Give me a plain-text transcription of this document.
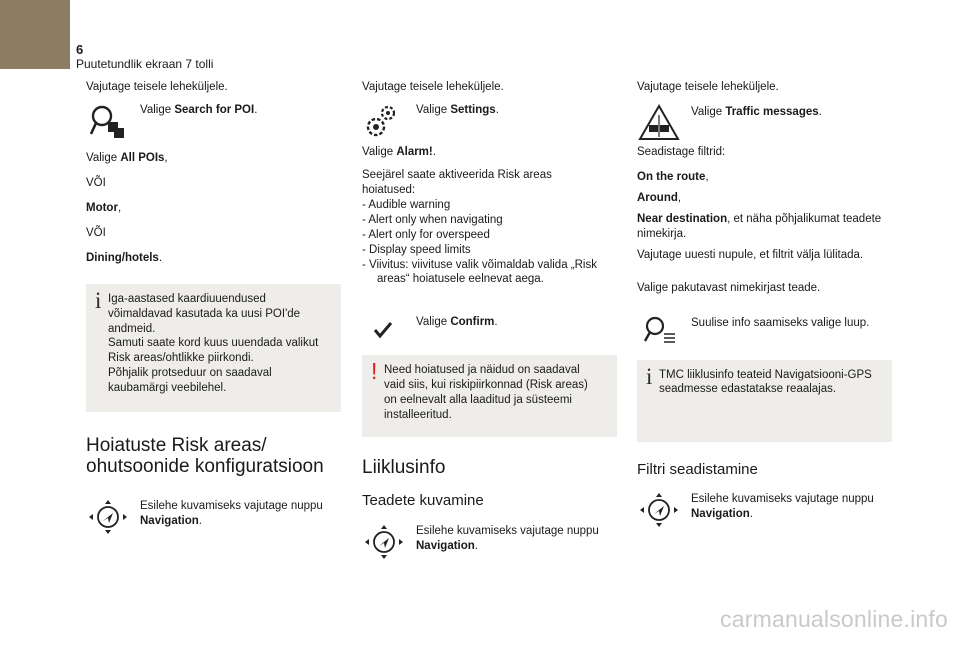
6
Puutetundlik ekraan 7 tolli

Vajutage teisele leheküljele.

Valige Search for POI.

Valige All POIs,

VÕI

Motor,

VÕI

Dining/hotels.

i Iga-aastased kaardiuuendused
võimaldavad kasutada ka uusi POI'de
andmeid.
Samuti saate kord kuus uuendada valikut
Risk areas/ohtlikke piirkondi.
Põhjalik protseduur on saadaval
kaubamärgi veebilehel.
Hoiatuste Risk areas/
ohutsoonide konfiguratsioon
Esilehe kuvamiseks vajutage nuppu
Navigation.

Vajutage teisele leheküljele.

Valige Settings.

Valige Alarm!.

Seejärel saate aktiveerida Risk areas
hoiatused:

- Audible warning
- Alert only when navigating
- Alert only for overspeed
- Display speed limits
- Viivitus: viivituse valik võimaldab valida „Risk areas“ hoiatusele eelnevat aega.
Valige Confirm.
! Need hoiatused ja näidud on saadaval
vaid siis, kui riskipiirkonnad (Risk areas)
on eelnevalt alla laaditud ja süsteemi
installeeritud.
Liiklusinfo
Teadete kuvamine
Esilehe kuvamiseks vajutage nuppu
Navigation.

Vajutage teisele leheküljele.

Valige Traffic messages.

Seadistage filtrid:

On the route,

Around,

Near destination, et näha põhjalikumat teadete nimekirja.

Vajutage uuesti nupule, et filtrit välja lülitada.

Valige pakutavast nimekirjast teade.

Suulise info saamiseks valige luup.
i TMC liiklusinfo teateid Navigatsiooni-GPS
seadmesse edastatakse reaalajas.
Filtri seadistamine
Esilehe kuvamiseks vajutage nuppu
Navigation.
carmanualsonline.info
